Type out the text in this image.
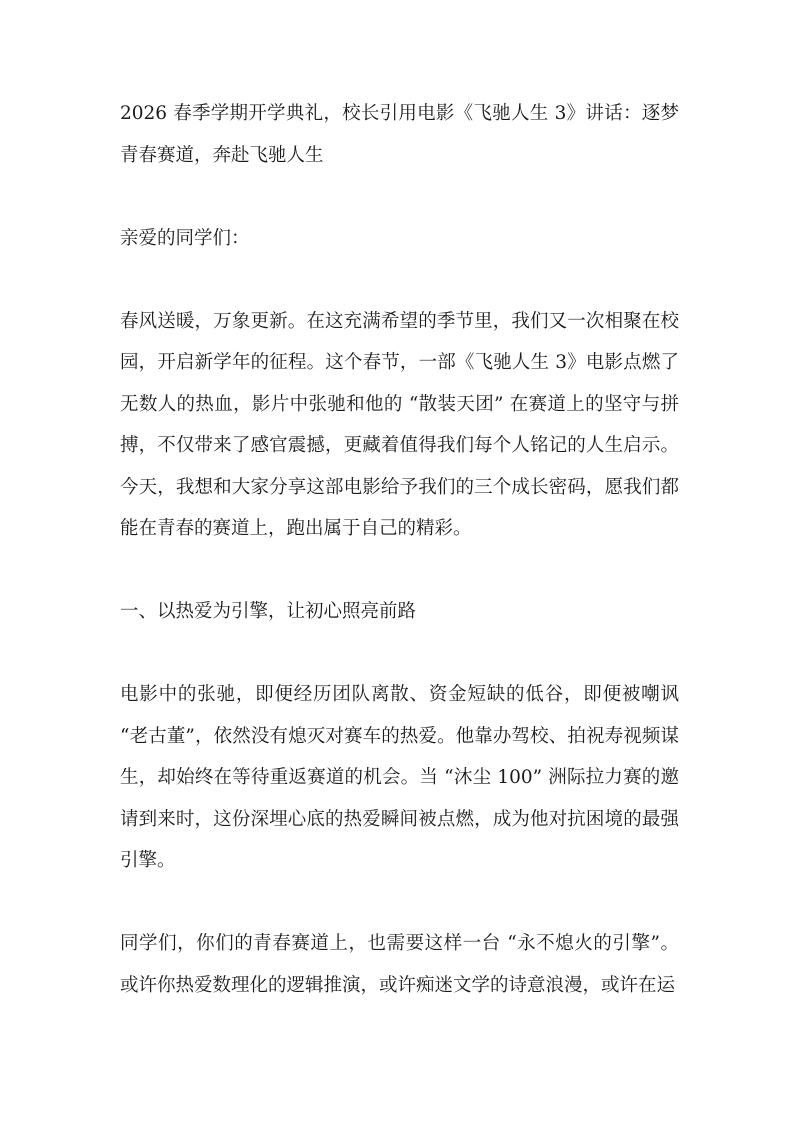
2026 春季学期开学典礼，校长引用电影《飞驰人生 3》讲话：逐梦青春赛道，奔赴飞驰人生

亲爱的同学们：

春风送暖，万象更新。在这充满希望的季节里，我们又一次相聚在校园，开启新学年的征程。这个春节，一部《飞驰人生 3》电影点燃了无数人的热血，影片中张驰和他的 “散装天团” 在赛道上的坚守与拼搏，不仅带来了感官震撼，更藏着值得我们每个人铭记的人生启示。今天，我想和大家分享这部电影给予我们的三个成长密码，愿我们都能在青春的赛道上，跑出属于自己的精彩。

一、以热爱为引擎，让初心照亮前路

电影中的张驰，即便经历团队离散、资金短缺的低谷，即便被嘲讽 “老古董”，依然没有熄灭对赛车的热爱。他靠办驾校、拍祝寿视频谋生，却始终在等待重返赛道的机会。当 “沐尘 100” 洲际拉力赛的邀请到来时，这份深埋心底的热爱瞬间被点燃，成为他对抗困境的最强引擎。

同学们，你们的青春赛道上，也需要这样一台 “永不熄火的引擎”。或许你热爱数理化的逻辑推演，或许痴迷文学的诗意浪漫，或许在运
